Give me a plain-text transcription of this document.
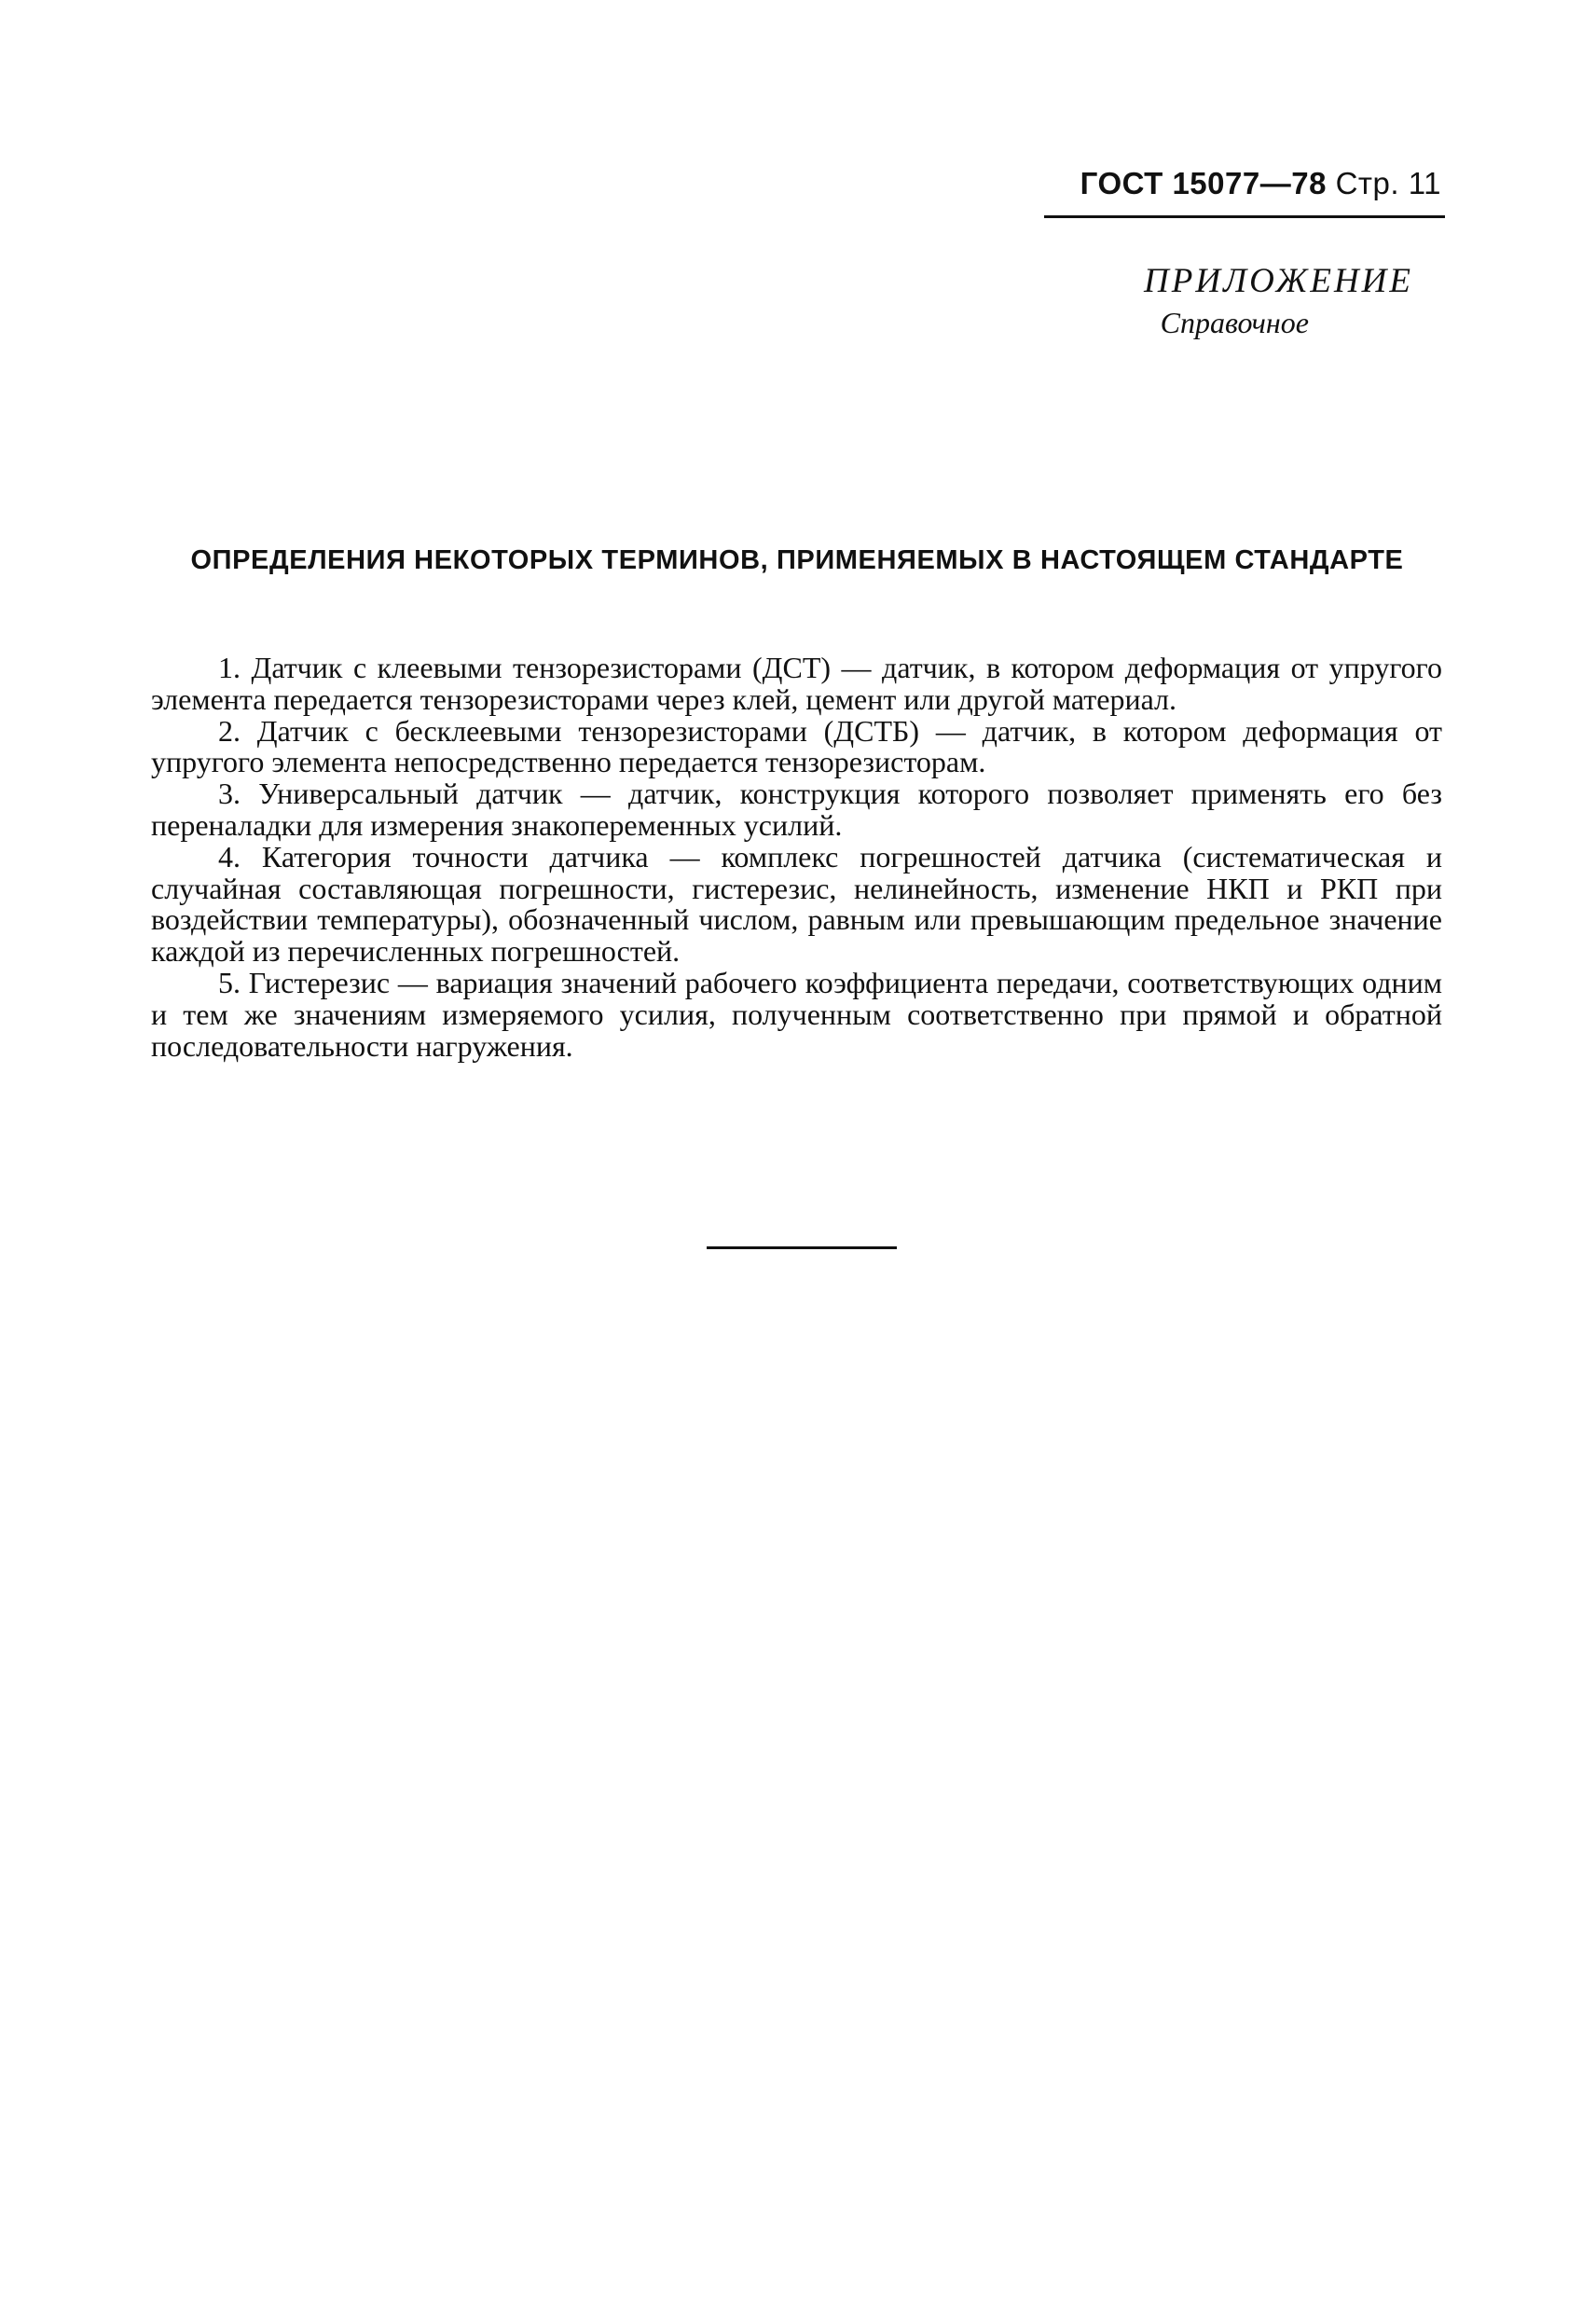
ГОСТ 15077—78 Стр. 11
ПРИЛОЖЕНИЕ
Справочное
ОПРЕДЕЛЕНИЯ НЕКОТОРЫХ ТЕРМИНОВ, ПРИМЕНЯЕМЫХ В НАСТОЯЩЕМ СТАНДАРТЕ

1. Датчик с клеевыми тензорезисторами (ДСТ) — датчик, в котором деформация от упругого элемента передается тензорезисторами через клей, цемент или другой материал.

2. Датчик с бесклеевыми тензорезисторами (ДСТБ) — датчик, в котором деформация от упругого элемента непосредственно передается тензорезисторам.

3. Универсальный датчик — датчик, конструкция которого позволяет применять его без переналадки для измерения знакопеременных усилий.

4. Категория точности датчика — комплекс погрешностей датчика (систематическая и случайная составляющая погрешности, гистерезис, нелинейность, изменение НКП и РКП при воздействии температуры), обозначенный числом, равным или превышающим предельное значение каждой из перечисленных погрешностей.

5. Гистерезис — вариация значений рабочего коэффициента передачи, соответствующих одним и тем же значениям измеряемого усилия, полученным соответственно при прямой и обратной последовательности нагружения.
